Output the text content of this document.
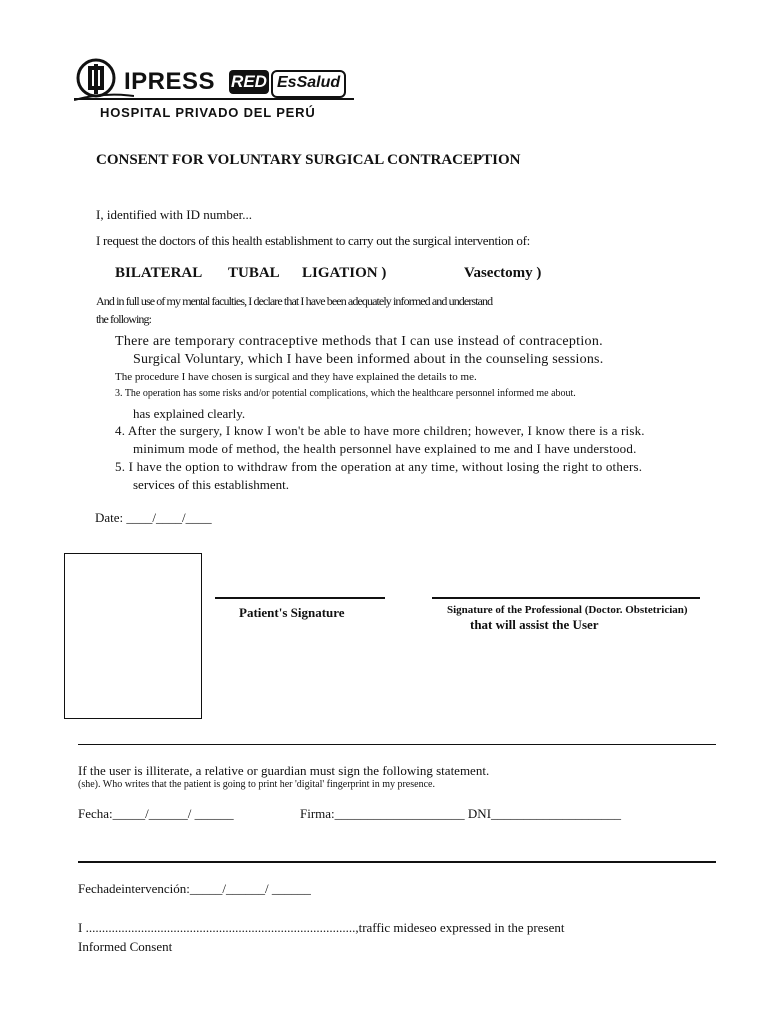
IPRESS RED EsSalud
HOSPITAL PRIVADO DEL PERÚ
CONSENT FOR VOLUNTARY SURGICAL CONTRACEPTION
I, identified with ID number...
I request the doctors of this health establishment to carry out the surgical intervention of:
BILATERAL TUBAL LIGATION )	Vasectomy )
And in full use of my mental faculties, I declare that I have been adequately informed and understand
the following:
There are temporary contraceptive methods that I can use instead of contraception.
Surgical Voluntary, which I have been informed about in the counseling sessions.
The procedure I have chosen is surgical and they have explained the details to me.
3. The operation has some risks and/or potential complications, which the healthcare personnel informed me about.
has explained clearly.
4. After the surgery, I know I won't be able to have more children; however, I know there is a risk.
minimum mode of method, the health personnel have explained to me and I have understood.
5. I have the option to withdraw from the operation at any time, without losing the right to others.
services of this establishment.
Date: ____/____/____
Patient's Signature	Signature of the Professional (Doctor. Obstetrician)
that will assist the User
If the user is illiterate, a relative or guardian must sign the following statement.
(she). Who writes that the patient is going to print her 'digital' fingerprint in my presence.
Fecha:_____/______/ ______	Firma:____________________ DNI____________________
Fechadeintervención:_____/______/ ______
I ...................................................................................,traffic mideseo expressed in the present
Informed Consent
